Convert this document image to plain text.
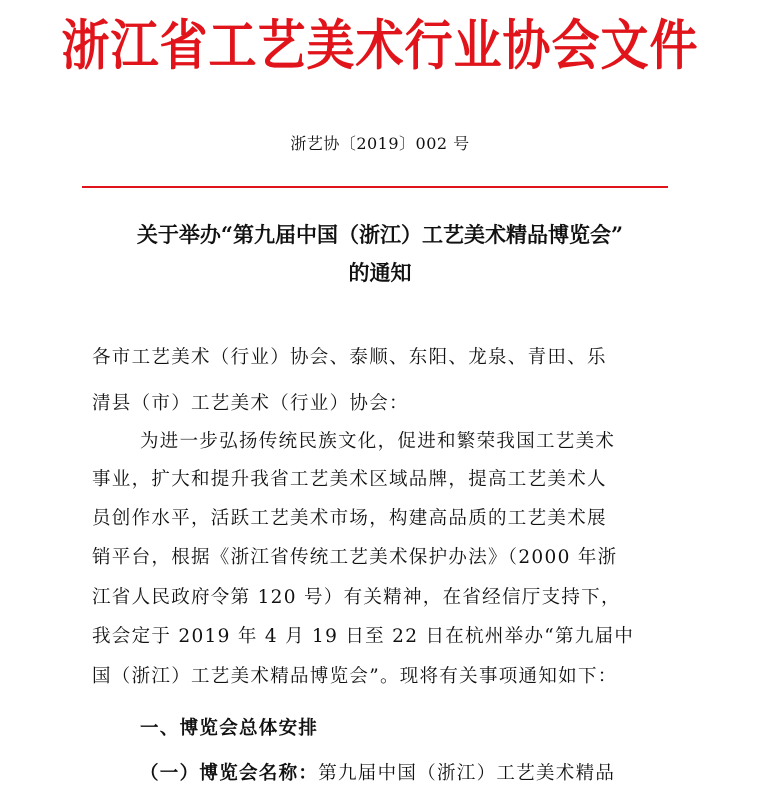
浙江省工艺美术行业协会文件
浙艺协〔2019〕002 号
关于举办“第九届中国（浙江）工艺美术精品博览会”
的通知
各市工艺美术（行业）协会、泰顺、东阳、龙泉、青田、乐
清县（市）工艺美术（行业）协会：
为进一步弘扬传统民族文化，促进和繁荣我国工艺美术
事业，扩大和提升我省工艺美术区域品牌，提高工艺美术人
员创作水平，活跃工艺美术市场，构建高品质的工艺美术展
销平台，根据《浙江省传统工艺美术保护办法》（2000 年浙
江省人民政府令第 120 号）有关精神，在省经信厅支持下，
我会定于 2019 年 4 月 19 日至 22 日在杭州举办“第九届中
国（浙江）工艺美术精品博览会”。现将有关事项通知如下：
一、博览会总体安排
（一）博览会名称：第九届中国（浙江）工艺美术精品
